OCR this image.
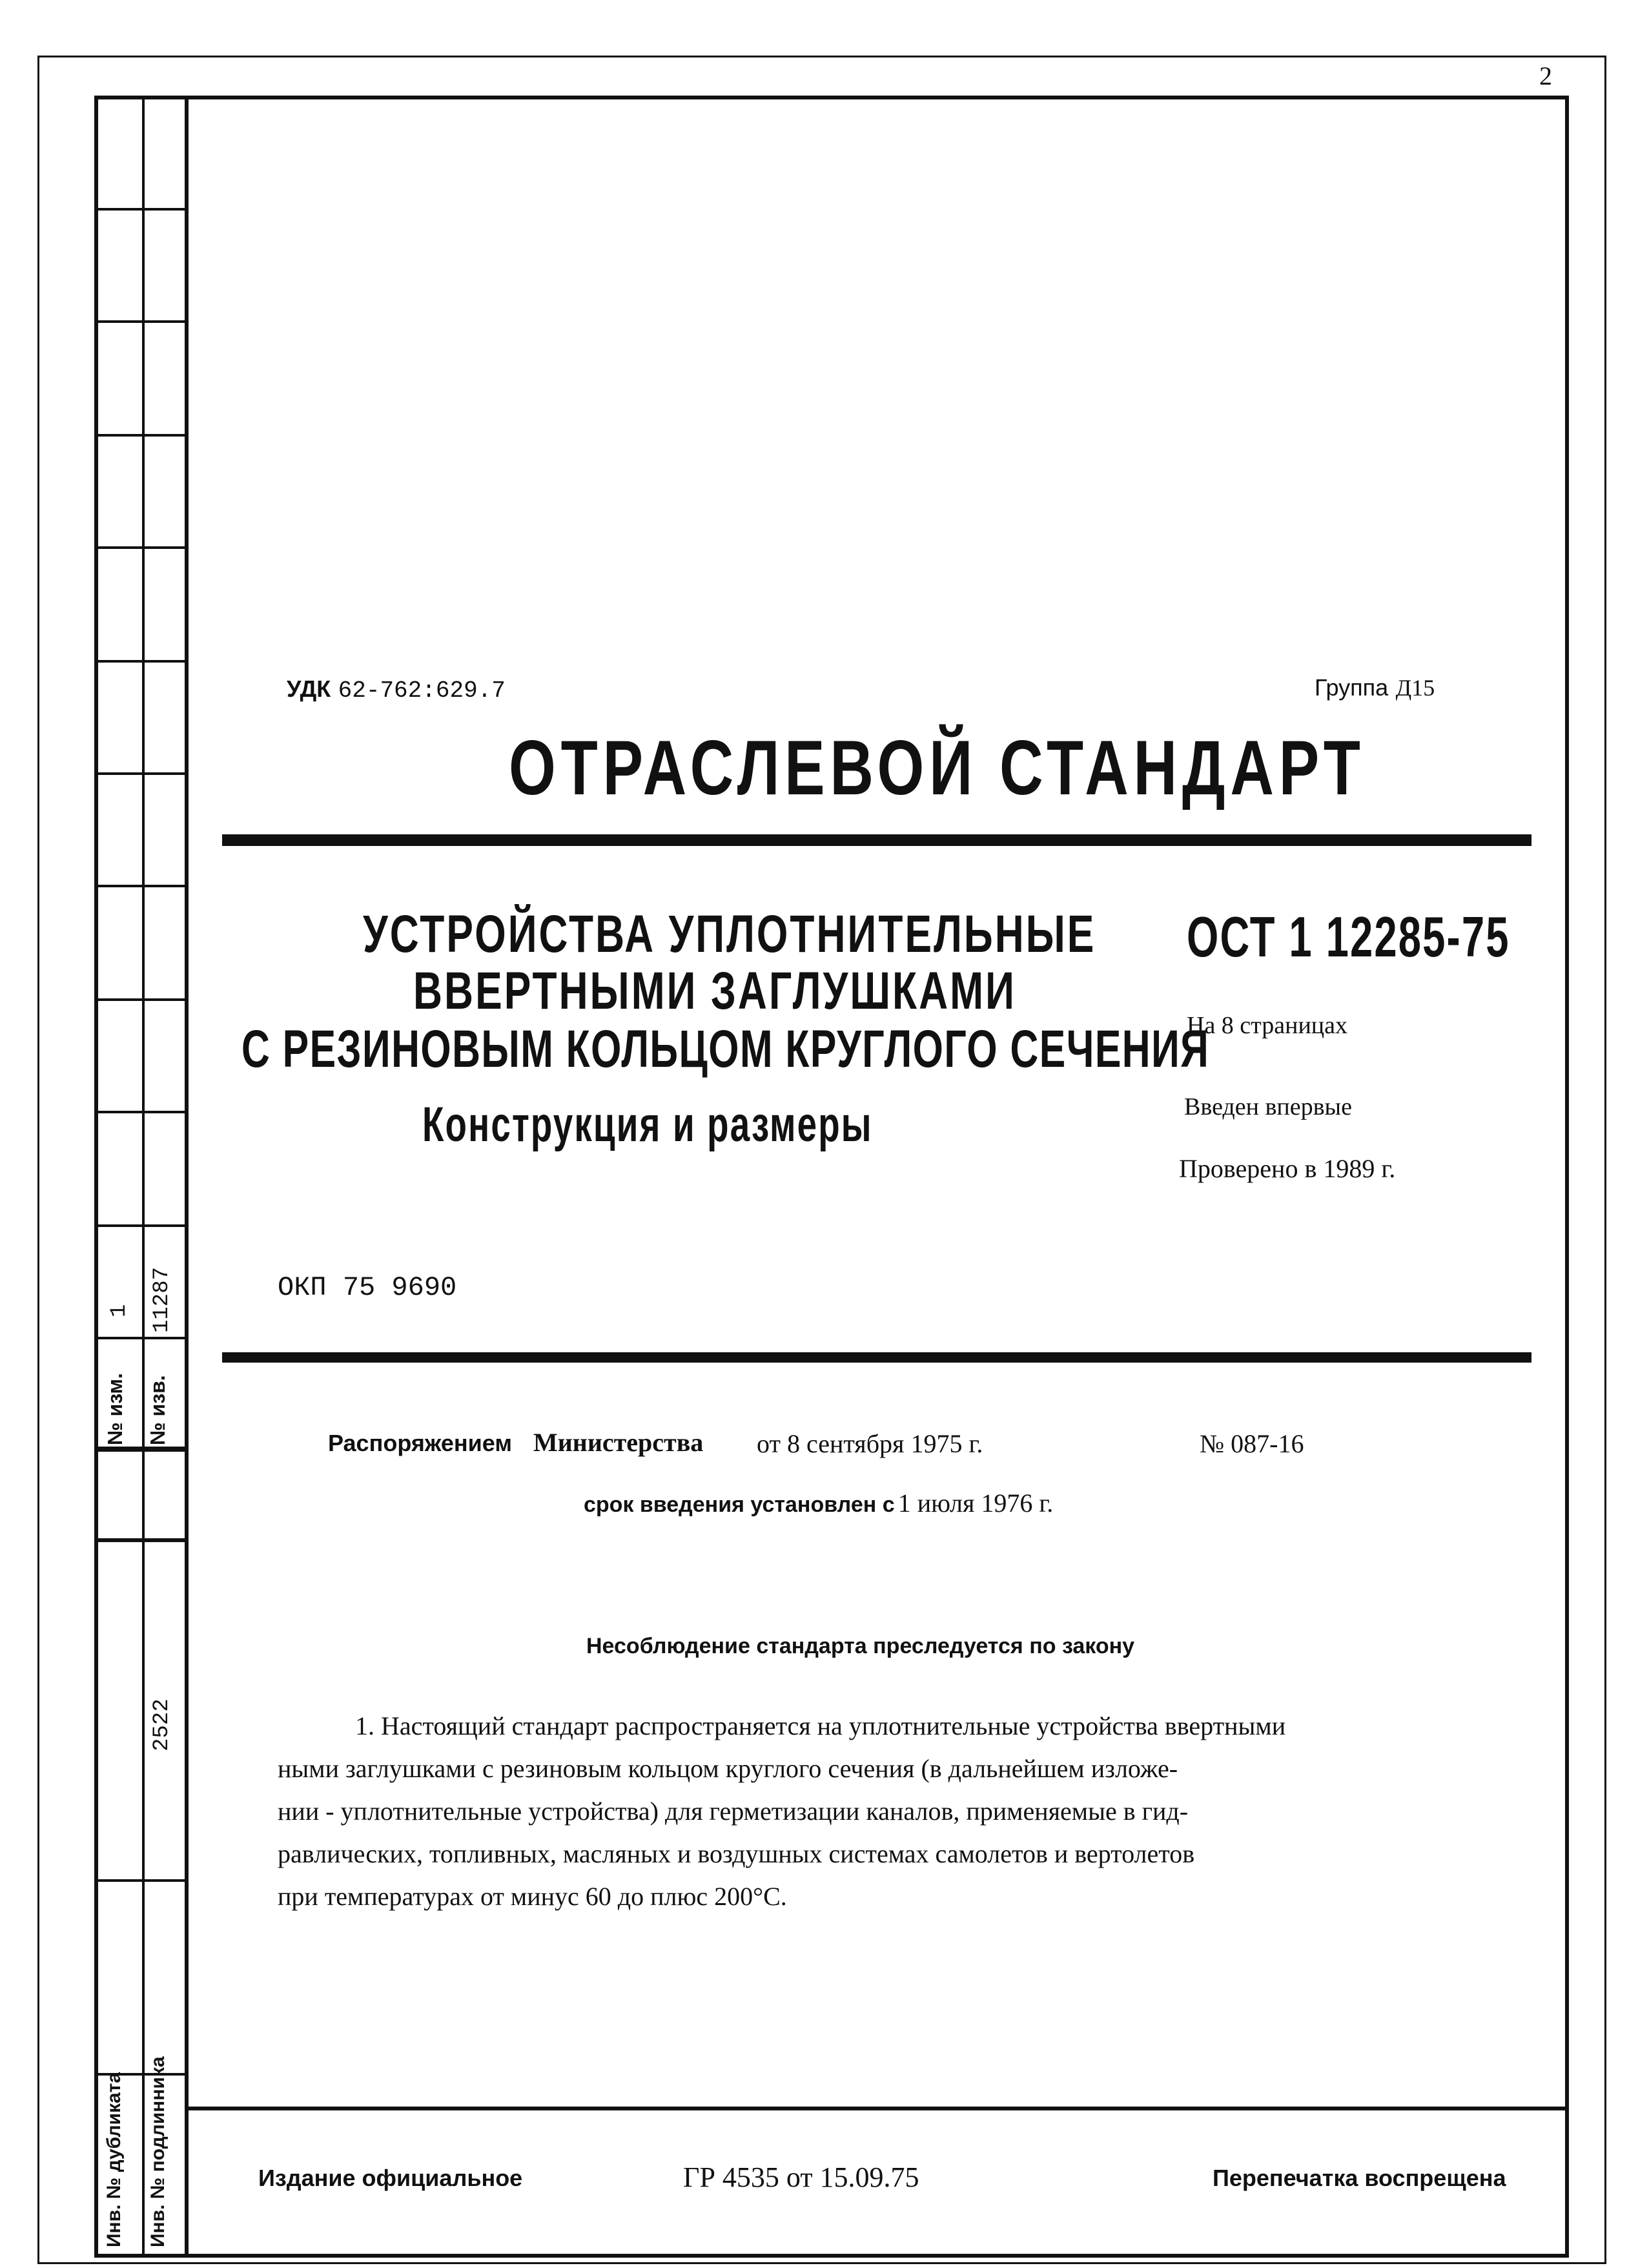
2
№ изм. № изв.
1 11287
2522
Инв. № дубликата Инв. № подлинника
УДК 62-762:629.7	Группа Д15
ОТРАСЛЕВОЙ СТАНДАРТ
УСТРОЙСТВА УПЛОТНИТЕЛЬНЫЕ
ВВЕРТНЫМИ ЗАГЛУШКАМИ
С РЕЗИНОВЫМ КОЛЬЦОМ КРУГЛОГО СЕЧЕНИЯ
Конструкция и размеры
ОСТ 1 12285-75
На 8 страницах
Введен впервые
Проверено в 1989 г.
ОКП 75 9690
Распоряжением Министерства от 8 сентября 1975 г.	№ 087-16
срок введения установлен с 1 июля 1976 г.
Несоблюдение стандарта преследуется по закону
1. Настоящий стандарт распространяется на уплотнительные устройства ввертными
ными заглушками с резиновым кольцом круглого сечения (в дальнейшем изложе-
нии - уплотнительные устройства) для герметизации каналов, применяемые в гид-
равлических, топливных, масляных и воздушных системах самолетов и вертолетов
при температурах от минус 60 до плюс 200°С.
Издание официальное	ГР 4535 от 15.09.75	Перепечатка воспрещена
